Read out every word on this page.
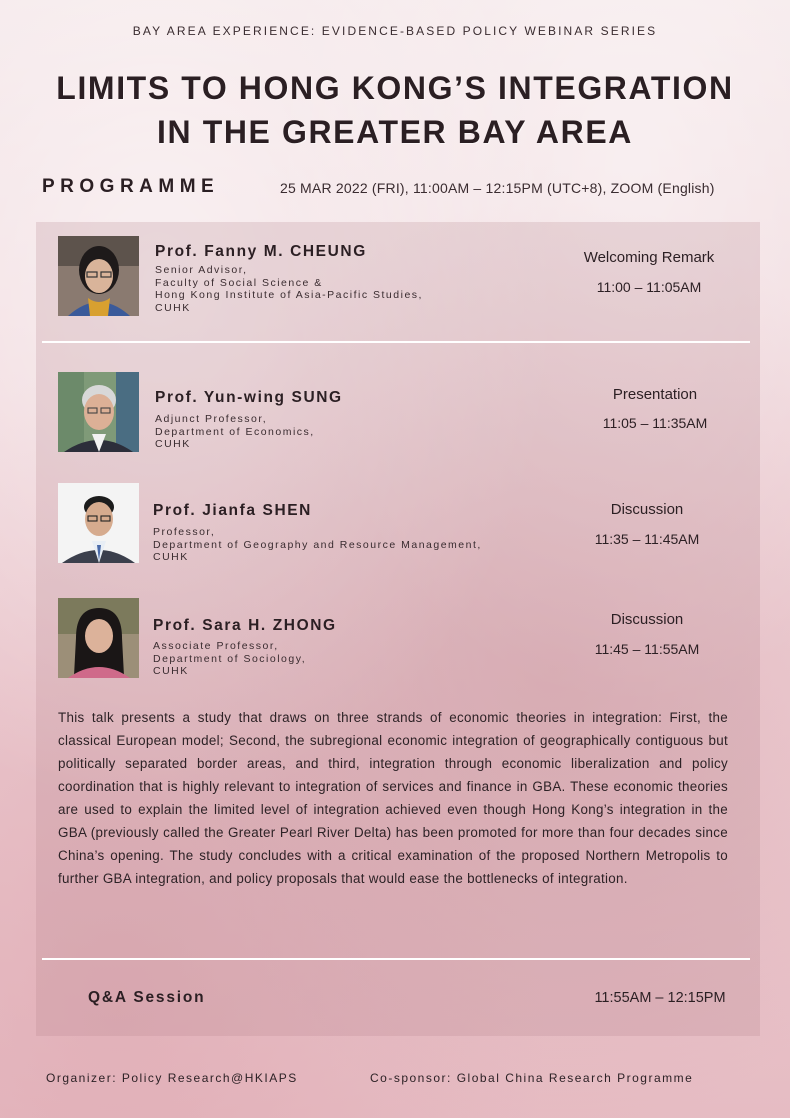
BAY AREA EXPERIENCE: EVIDENCE-BASED POLICY WEBINAR SERIES
LIMITS TO HONG KONG’S INTEGRATION
IN THE GREATER BAY AREA
PROGRAMME	25 MAR 2022 (FRI), 11:00AM – 12:15PM (UTC+8), ZOOM (English)
Prof. Fanny M. CHEUNG
Senior Advisor,
Faculty of Social Science &
Hong Kong Institute of Asia-Pacific Studies,
CUHK
Welcoming Remark
11:00 – 11:05AM
Prof. Yun-wing SUNG
Adjunct Professor,
Department of Economics,
CUHK
Presentation
11:05 – 11:35AM
Prof. Jianfa SHEN
Professor,
Department of Geography and Resource Management,
CUHK
Discussion
11:35 – 11:45AM
Prof. Sara H. ZHONG
Associate Professor,
Department of Sociology,
CUHK
Discussion
11:45 – 11:55AM
This talk presents a study that draws on three strands of economic theories in integration: First, the classical European model; Second, the subregional economic integration of geographically contiguous but politically separated border areas, and third, integration through economic liberalization and policy coordination that is highly relevant to integration of services and finance in GBA. These economic theories are used to explain the limited level of integration achieved even though Hong Kong’s integration in the GBA (previously called the Greater Pearl River Delta) has been promoted for more than four decades since China’s opening. The study concludes with a critical examination of the proposed Northern Metropolis to further GBA integration, and policy proposals that would ease the bottlenecks of integration.
Q&A Session	11:55AM – 12:15PM
Organizer: Policy Research@HKIAPS	Co-sponsor: Global China Research Programme
